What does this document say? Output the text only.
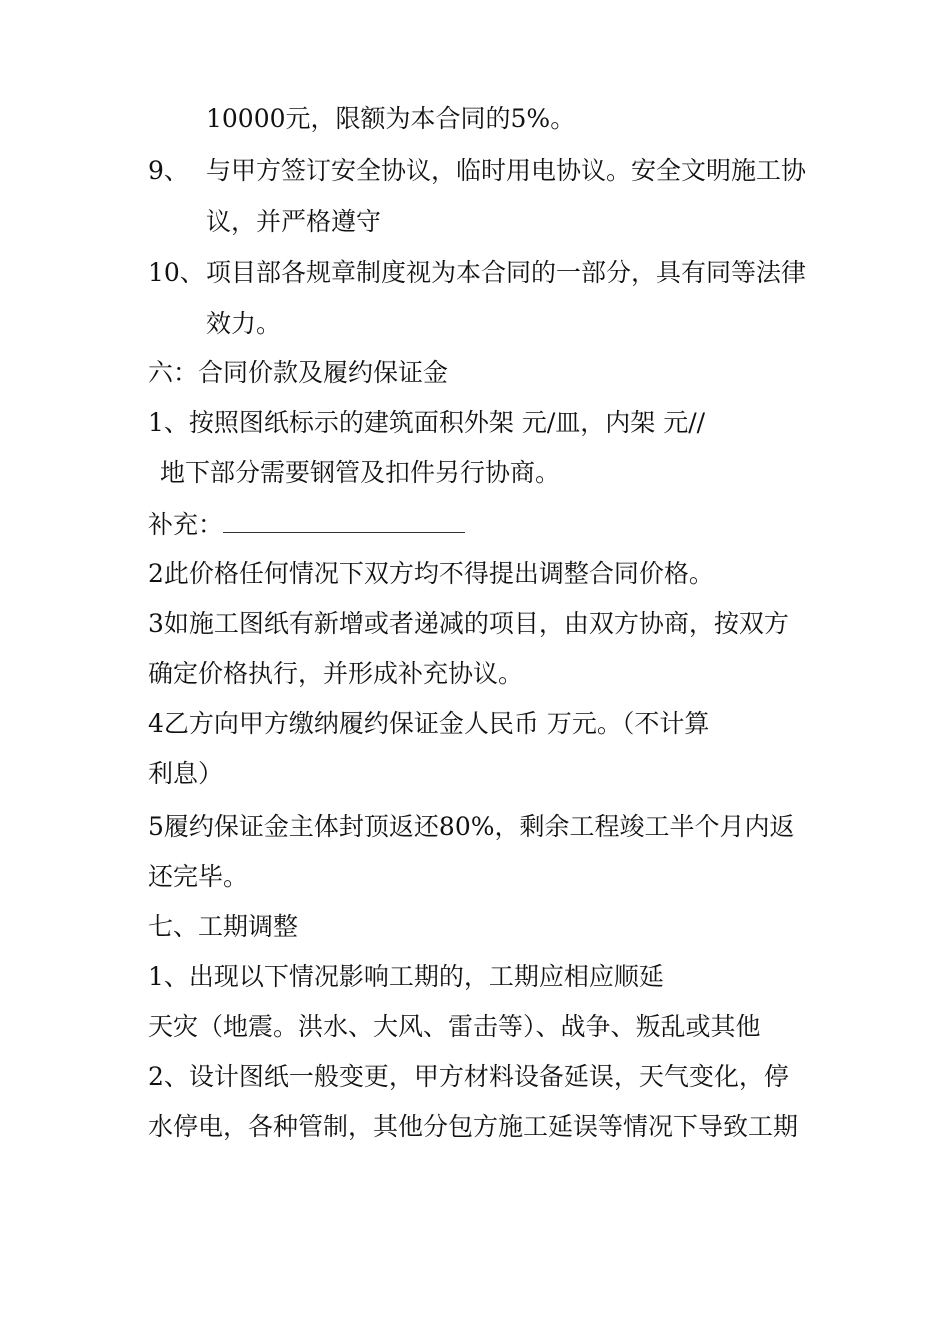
10000元，限额为本合同的5%。
9、 与甲方签订安全协议，临时用电协议。安全文明施工协
议，并严格遵守
10、项目部各规章制度视为本合同的一部分，具有同等法律
效力。
六：合同价款及履约保证金
1、按照图纸标示的建筑面积外架 元/皿，内架 元//
地下部分需要钢管及扣件另行协商。
补充：
2此价格任何情况下双方均不得提出调整合同价格。
3如施工图纸有新增或者递减的项目，由双方协商，按双方
确定价格执行，并形成补充协议。
4乙方向甲方缴纳履约保证金人民币 万元。（不计算
利息）
5履约保证金主体封顶返还80%，剩余工程竣工半个月内返
还完毕。
七、工期调整
1、出现以下情况影响工期的，工期应相应顺延
天灾（地震。洪水、大风、雷击等）、战争、叛乱或其他
2、设计图纸一般变更，甲方材料设备延误，天气变化，停
水停电，各种管制，其他分包方施工延误等情况下导致工期
